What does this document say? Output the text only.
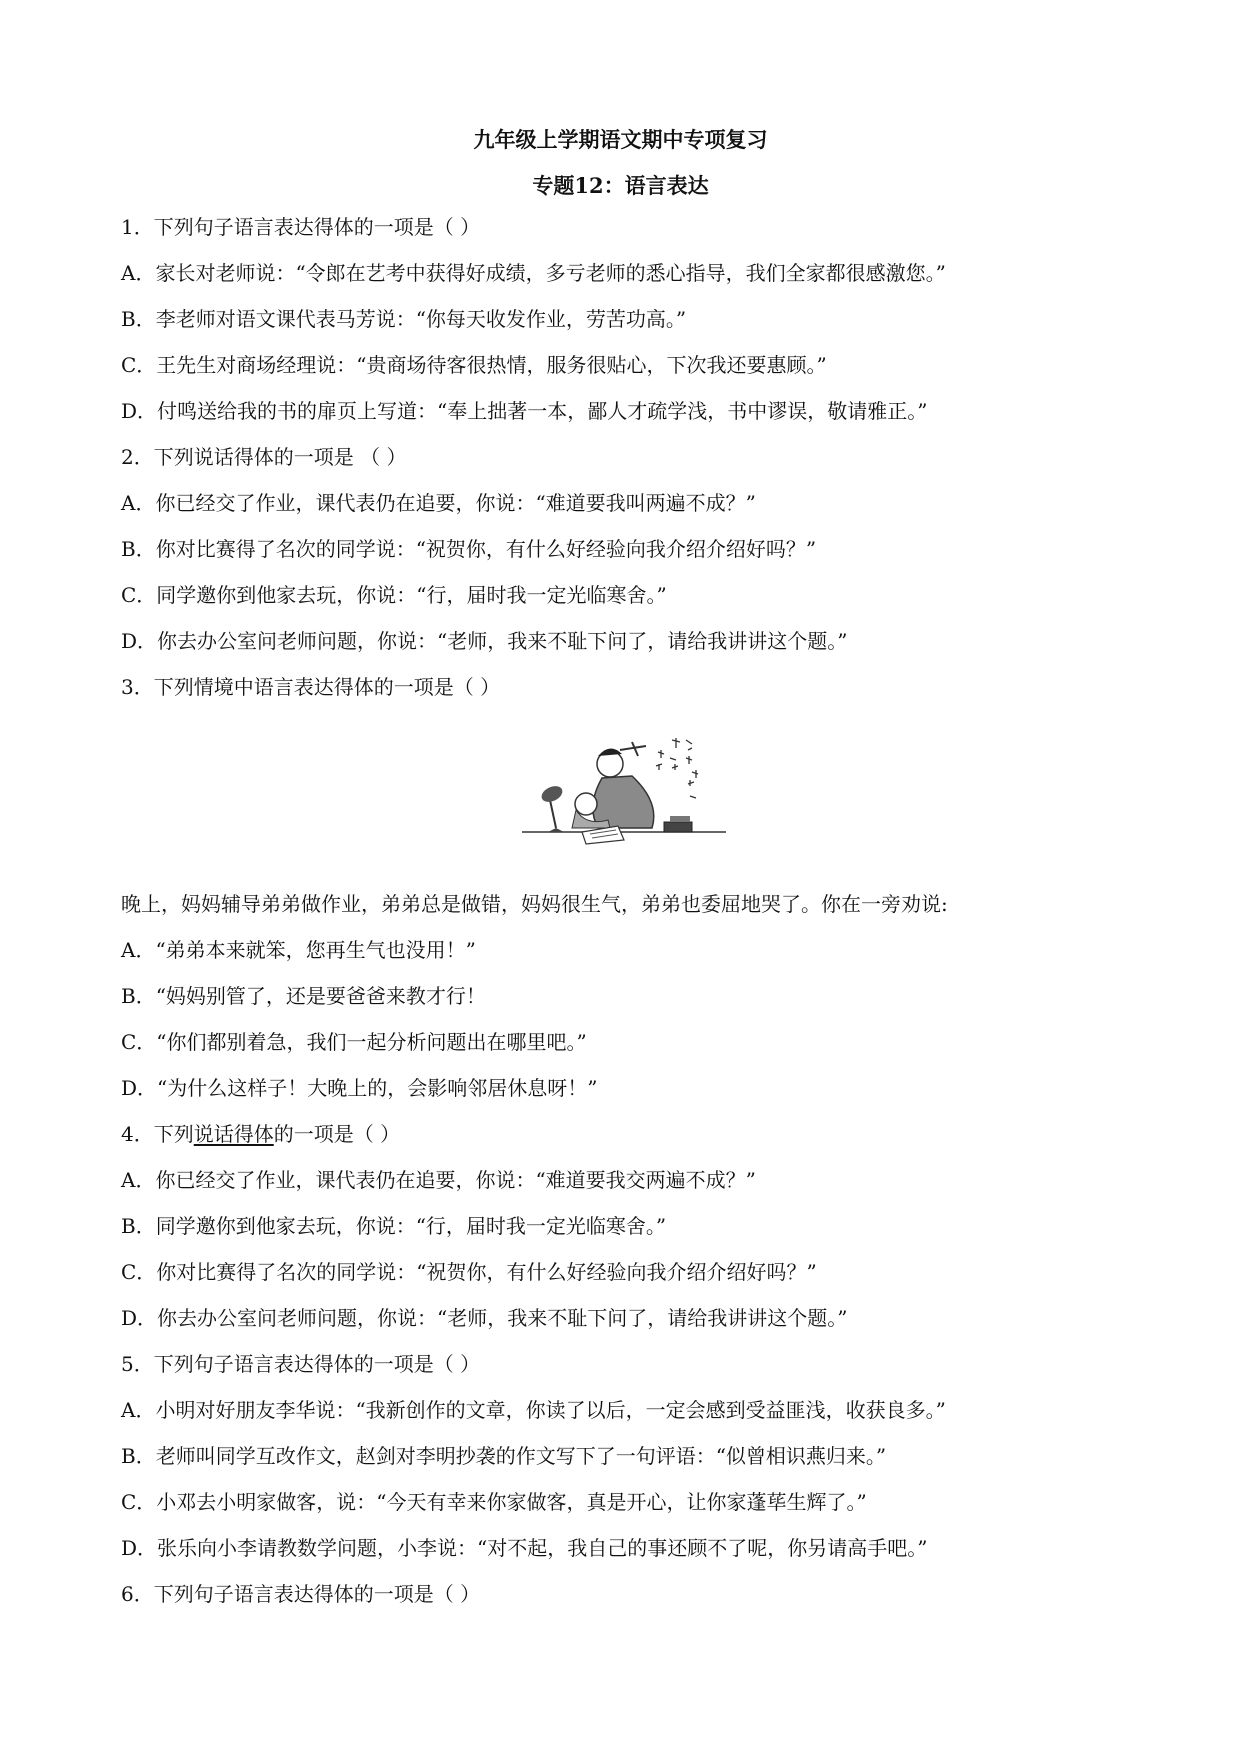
九年级上学期语文期中专项复习
专题12：语言表达
1．下列句子语言表达得体的一项是（ ）
A．家长对老师说：“令郎在艺考中获得好成绩，多亏老师的悉心指导，我们全家都很感激您。”
B．李老师对语文课代表马芳说：“你每天收发作业，劳苦功高。”
C．王先生对商场经理说：“贵商场待客很热情，服务很贴心，下次我还要惠顾。”
D．付鸣送给我的书的扉页上写道：“奉上拙著一本，鄙人才疏学浅，书中谬误，敬请雅正。”
2．下列说话得体的一项是 （ ）
A．你已经交了作业，课代表仍在追要，你说：“难道要我叫两遍不成？”
B．你对比赛得了名次的同学说：“祝贺你，有什么好经验向我介绍介绍好吗？”
C．同学邀你到他家去玩，你说：“行，届时我一定光临寒舍。”
D．你去办公室问老师问题，你说：“老师，我来不耻下问了，请给我讲讲这个题。”
3．下列情境中语言表达得体的一项是（ ）
晚上，妈妈辅导弟弟做作业，弟弟总是做错，妈妈很生气，弟弟也委屈地哭了。你在一旁劝说:
A．“弟弟本来就笨，您再生气也没用！”
B．“妈妈别管了，还是要爸爸来教才行！
C．“你们都别着急，我们一起分析问题出在哪里吧。”
D．“为什么这样子！大晚上的，会影响邻居休息呀！”
4．下列说话得体的一项是（ ）
A．你已经交了作业，课代表仍在追要，你说：“难道要我交两遍不成？”
B．同学邀你到他家去玩，你说：“行，届时我一定光临寒舍。”
C．你对比赛得了名次的同学说：“祝贺你，有什么好经验向我介绍介绍好吗？”
D．你去办公室问老师问题，你说：“老师，我来不耻下问了，请给我讲讲这个题。”
5．下列句子语言表达得体的一项是（ ）
A．小明对好朋友李华说：“我新创作的文章，你读了以后，一定会感到受益匪浅，收获良多。”
B．老师叫同学互改作文，赵剑对李明抄袭的作文写下了一句评语：“似曾相识燕归来。”
C．小邓去小明家做客，说：“今天有幸来你家做客，真是开心，让你家蓬荜生辉了。”
D．张乐向小李请教数学问题，小李说：“对不起，我自己的事还顾不了呢，你另请高手吧。”
6．下列句子语言表达得体的一项是（ ）
